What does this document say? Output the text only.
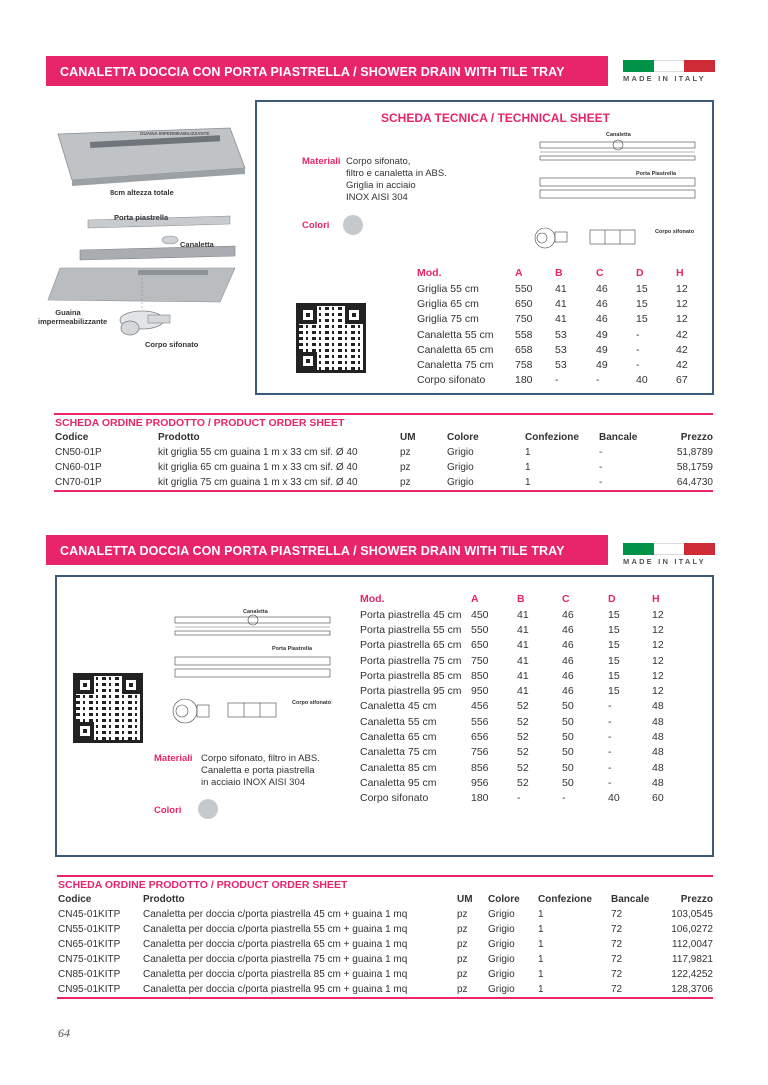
CANALETTA DOCCIA CON PORTA PIASTRELLA / SHOWER DRAIN WITH TILE TRAY	MADE IN ITALY
GUAINA IMPERMEABILIZZANTE
8cm altezza totale
Porta piastrella
Canaletta
Guaina impermeabilizzante
Corpo sifonato
SCHEDA TECNICA / TECHNICAL SHEET
Materiali Corpo sifonato,
filtro e canaletta in ABS.
Griglia in acciaio
INOX AISI 304
Colori
Canaletta
Porta Piastrella
Corpo sifonato
Mod.	A	B	C	D	H
Griglia 55 cm	550	41	46	15	12
Griglia 65 cm	650	41	46	15	12
Griglia 75 cm	750	41	46	15	12
Canaletta 55 cm	558	53	49	-	42
Canaletta 65 cm	658	53	49	-	42
Canaletta 75 cm	758	53	49	-	42
Corpo sifonato	180	-	-	40	67
SCHEDA ORDINE PRODOTTO / PRODUCT ORDER SHEET
Codice	Prodotto	UM	Colore	Confezione	Bancale	Prezzo
CN50-01P	kit griglia 55 cm guaina 1 m x 33 cm sif. Ø 40	pz	Grigio	1	-	51,8789
CN60-01P	kit griglia 65 cm guaina 1 m x 33 cm sif. Ø 40	pz	Grigio	1	-	58,1759
CN70-01P	kit griglia 75 cm guaina 1 m x 33 cm sif. Ø 40	pz	Grigio	1	-	64,4730
CANALETTA DOCCIA CON PORTA PIASTRELLA / SHOWER DRAIN WITH TILE TRAY
MADE IN ITALY
Canaletta
Porta Piastrella
Corpo sifonato
Materiali Corpo sifonato, filtro in ABS.
Canaletta e porta piastrella
in acciaio INOX AISI 304
Colori
Mod.	A	B	C	D	H
Porta piastrella 45 cm	450	41	46	15	12
Porta piastrella 55 cm	550	41	46	15	12
Porta piastrella 65 cm	650	41	46	15	12
Porta piastrella 75 cm	750	41	46	15	12
Porta piastrella 85 cm	850	41	46	15	12
Porta piastrella 95 cm	950	41	46	15	12
Canaletta 45 cm	456	52	50	-	48
Canaletta 55 cm	556	52	50	-	48
Canaletta 65 cm	656	52	50	-	48
Canaletta 75 cm	756	52	50	-	48
Canaletta 85 cm	856	52	50	-	48
Canaletta 95 cm	956	52	50	-	48
Corpo sifonato	180	-	-	40	60
SCHEDA ORDINE PRODOTTO / PRODUCT ORDER SHEET
Codice	Prodotto	UM	Colore	Confezione	Bancale	Prezzo
CN45-01KITP	Canaletta per doccia c/porta piastrella 45 cm + guaina 1 mq	pz	Grigio	1	72	103,0545
CN55-01KITP	Canaletta per doccia c/porta piastrella 55 cm + guaina 1 mq	pz	Grigio	1	72	106,0272
CN65-01KITP	Canaletta per doccia c/porta piastrella 65 cm + guaina 1 mq	pz	Grigio	1	72	112,0047
CN75-01KITP	Canaletta per doccia c/porta piastrella 75 cm + guaina 1 mq	pz	Grigio	1	72	117,9821
CN85-01KITP	Canaletta per doccia c/porta piastrella 85 cm + guaina 1 mq	pz	Grigio	1	72	122,4252
CN95-01KITP	Canaletta per doccia c/porta piastrella 95 cm + guaina 1 mq	pz	Grigio	1	72	128,3706
64
